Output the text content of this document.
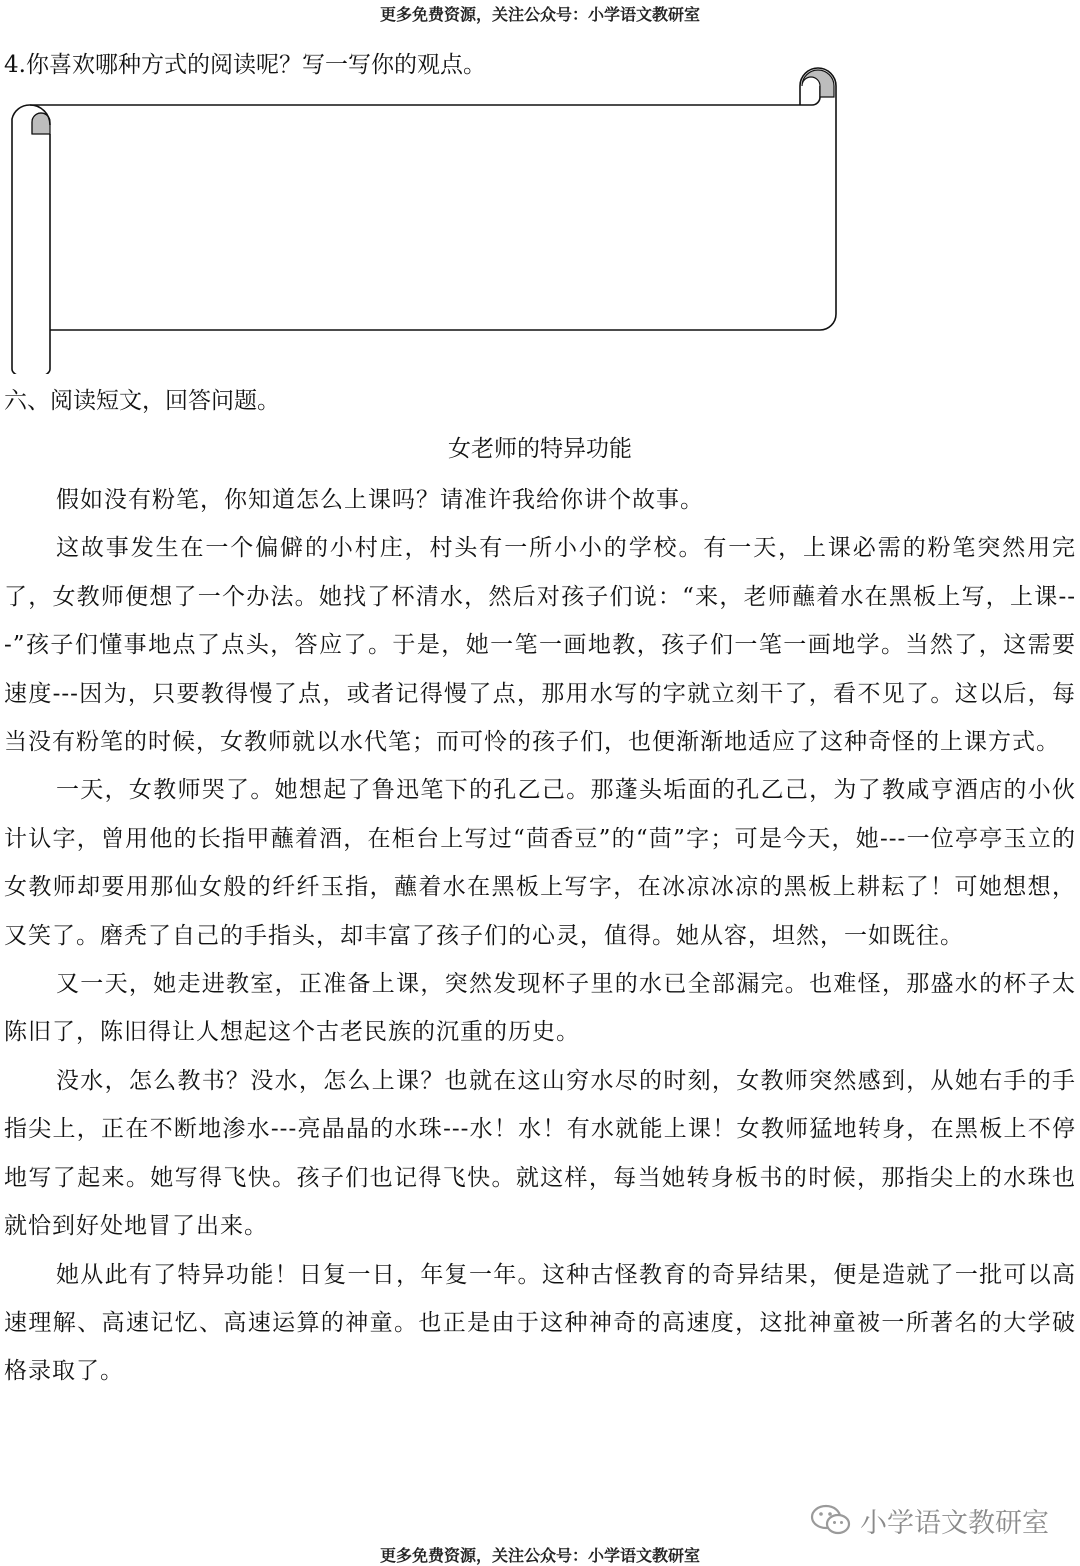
更多免费资源，关注公众号：小学语文教研室
4.你喜欢哪种方式的阅读呢？写一写你的观点。
六、阅读短文，回答问题。
女老师的特异功能

假如没有粉笔，你知道怎么上课吗？请准许我给你讲个故事。

这故事发生在一个偏僻的小村庄，村头有一所小小的学校。有一天，上课必需的粉笔突然用完了，女教师便想了一个办法。她找了杯清水，然后对孩子们说：“来，老师蘸着水在黑板上写，上课---”孩子们懂事地点了点头，答应了。于是，她一笔一画地教，孩子们一笔一画地学。当然了，这需要速度---因为，只要教得慢了点，或者记得慢了点，那用水写的字就立刻干了，看不见了。这以后，每当没有粉笔的时候，女教师就以水代笔；而可怜的孩子们，也便渐渐地适应了这种奇怪的上课方式。

一天，女教师哭了。她想起了鲁迅笔下的孔乙己。那蓬头垢面的孔乙己，为了教咸亨酒店的小伙计认字，曾用他的长指甲蘸着酒，在柜台上写过“茴香豆”的“茴”字；可是今天，她---一位亭亭玉立的女教师却要用那仙女般的纤纤玉指，蘸着水在黑板上写字，在冰凉冰凉的黑板上耕耘了！可她想想，又笑了。磨秃了自己的手指头，却丰富了孩子们的心灵，值得。她从容，坦然，一如既往。

又一天，她走进教室，正准备上课，突然发现杯子里的水已全部漏完。也难怪，那盛水的杯子太陈旧了，陈旧得让人想起这个古老民族的沉重的历史。

没水，怎么教书？没水，怎么上课？也就在这山穷水尽的时刻，女教师突然感到，从她右手的手指尖上，正在不断地渗水---亮晶晶的水珠---水！水！有水就能上课！女教师猛地转身，在黑板上不停地写了起来。她写得飞快。孩子们也记得飞快。就这样，每当她转身板书的时候，那指尖上的水珠也就恰到好处地冒了出来。

她从此有了特异功能！日复一日，年复一年。这种古怪教育的奇异结果，便是造就了一批可以高速理解、高速记忆、高速运算的神童。也正是由于这种神奇的高速度，这批神童被一所著名的大学破格录取了。

小学语文教研室
更多免费资源，关注公众号：小学语文教研室
